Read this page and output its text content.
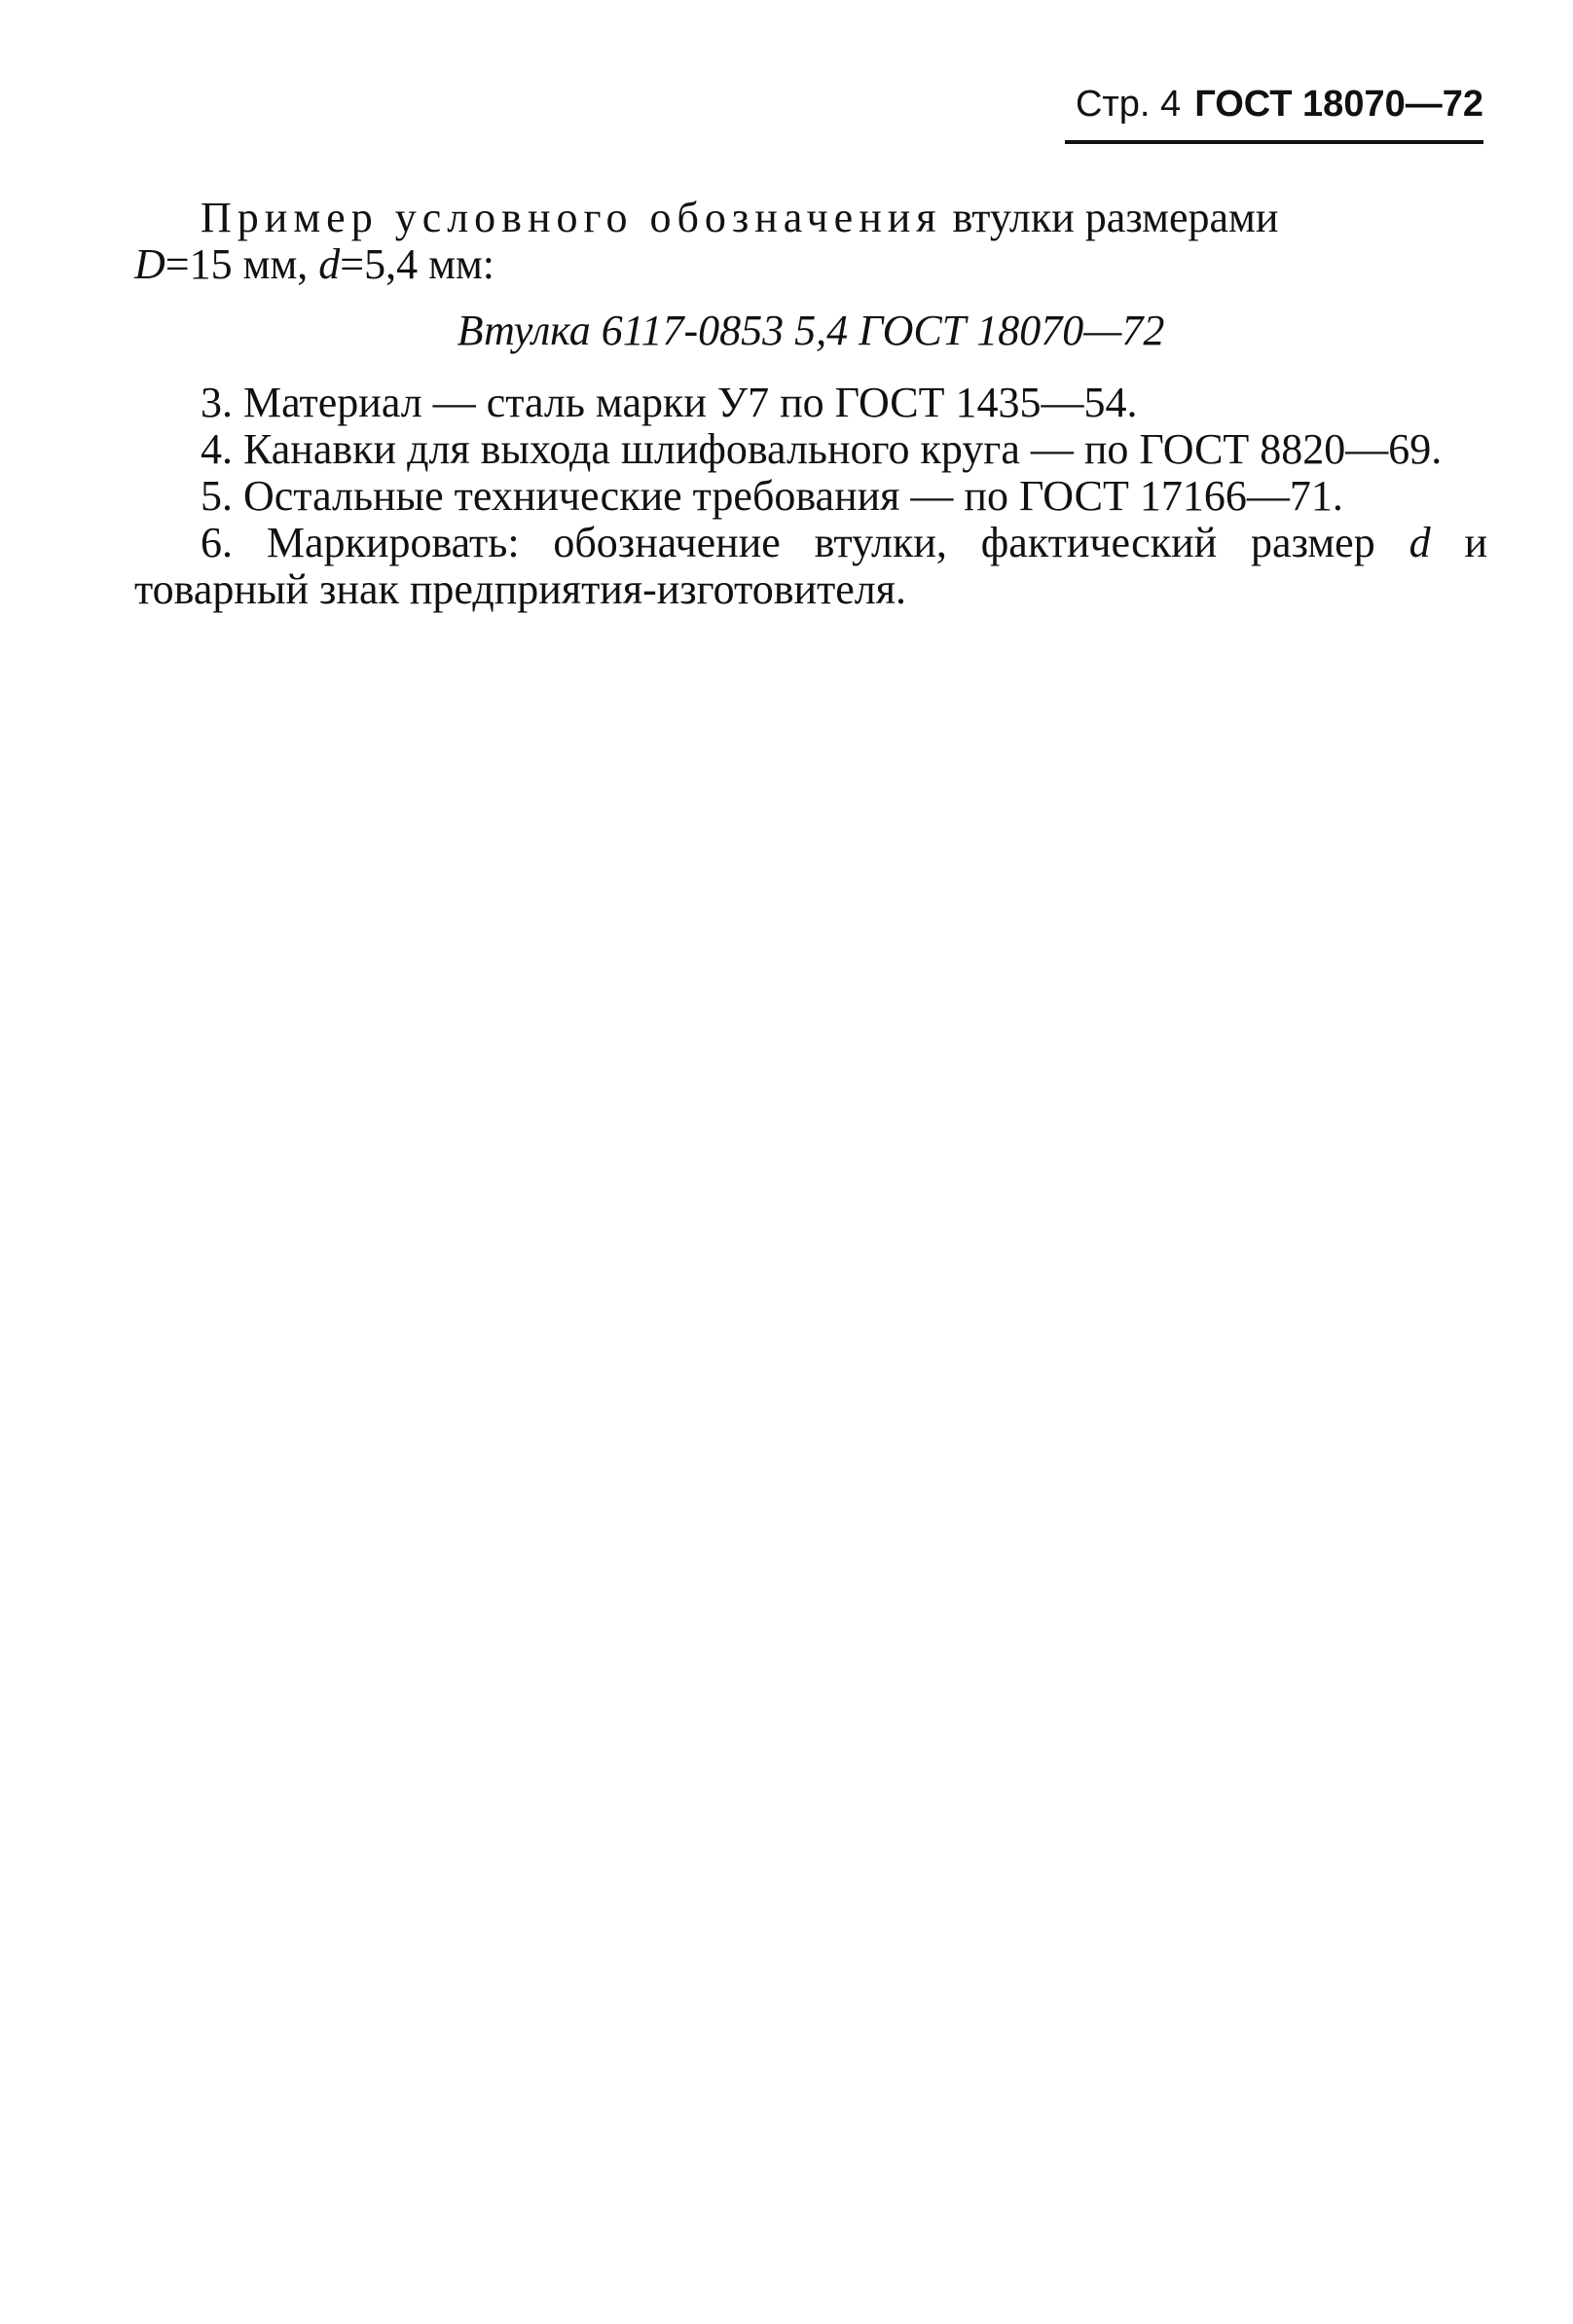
Стр. 4 ГОСТ 18070—72

Пример условного обозначения втулки размерами
D=15 мм, d=5,4 мм:

Втулка 6117-0853 5,4 ГОСТ 18070—72

3. Материал — сталь марки У7 по ГОСТ 1435—54.

4. Канавки для выхода шлифовального круга — по ГОСТ 8820—69.

5. Остальные технические требования — по ГОСТ 17166—71.

6. Маркировать: обозначение втулки, фактический размер d и товарный знак предприятия-изготовителя.
